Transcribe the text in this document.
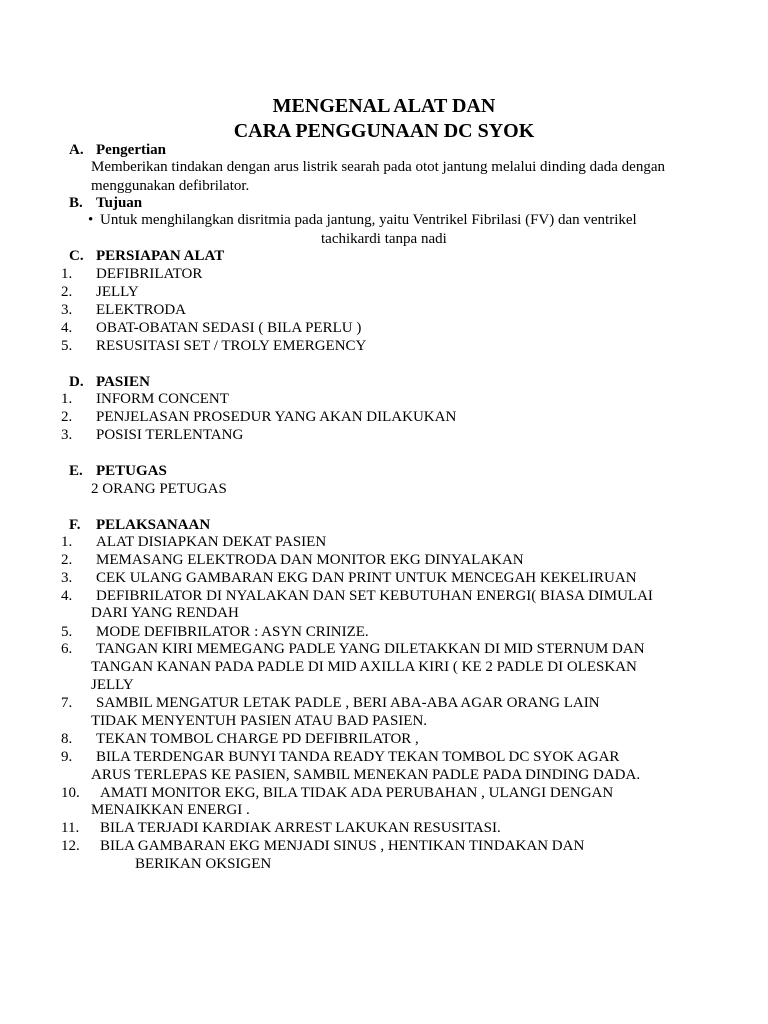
MENGENAL ALAT DAN
CARA PENGGUNAAN DC SYOK
A. Pengertian
Memberikan tindakan dengan arus listrik searah pada otot jantung melalui dinding dada dengan
menggunakan defibrilator.
B. Tujuan
• Untuk menghilangkan disritmia pada jantung, yaitu Ventrikel Fibrilasi (FV) dan ventrikel
tachikardi tanpa nadi
C. PERSIAPAN ALAT
1. DEFIBRILATOR
2. JELLY
3. ELEKTRODA
4. OBAT-OBATAN SEDASI ( BILA PERLU )
5. RESUSITASI SET / TROLY EMERGENCY
D. PASIEN
1. INFORM CONCENT
2. PENJELASAN PROSEDUR YANG AKAN DILAKUKAN
3. POSISI TERLENTANG
E. PETUGAS
2 ORANG PETUGAS
F. PELAKSANAAN
1. ALAT DISIAPKAN DEKAT PASIEN
2. MEMASANG ELEKTRODA DAN MONITOR EKG DINYALAKAN
3. CEK ULANG GAMBARAN EKG DAN PRINT UNTUK MENCEGAH KEKELIRUAN
4. DEFIBRILATOR DI NYALAKAN DAN SET KEBUTUHAN ENERGI( BIASA DIMULAI
DARI YANG RENDAH
5. MODE DEFIBRILATOR : ASYN CRINIZE.
6. TANGAN KIRI MEMEGANG PADLE YANG DILETAKKAN DI MID STERNUM DAN
TANGAN KANAN PADA PADLE DI MID AXILLA KIRI ( KE 2 PADLE DI OLESKAN
JELLY
7. SAMBIL MENGATUR LETAK PADLE , BERI ABA-ABA AGAR ORANG LAIN
TIDAK MENYENTUH PASIEN ATAU BAD PASIEN.
8. TEKAN TOMBOL CHARGE PD DEFIBRILATOR ,
9. BILA TERDENGAR BUNYI TANDA READY TEKAN TOMBOL DC SYOK AGAR
ARUS TERLEPAS KE PASIEN, SAMBIL MENEKAN PADLE PADA DINDING DADA.
10. AMATI MONITOR EKG, BILA TIDAK ADA PERUBAHAN , ULANGI DENGAN
MENAIKKAN ENERGI .
11. BILA TERJADI KARDIAK ARREST LAKUKAN RESUSITASI.
12. BILA GAMBARAN EKG MENJADI SINUS , HENTIKAN TINDAKAN DAN
BERIKAN OKSIGEN
